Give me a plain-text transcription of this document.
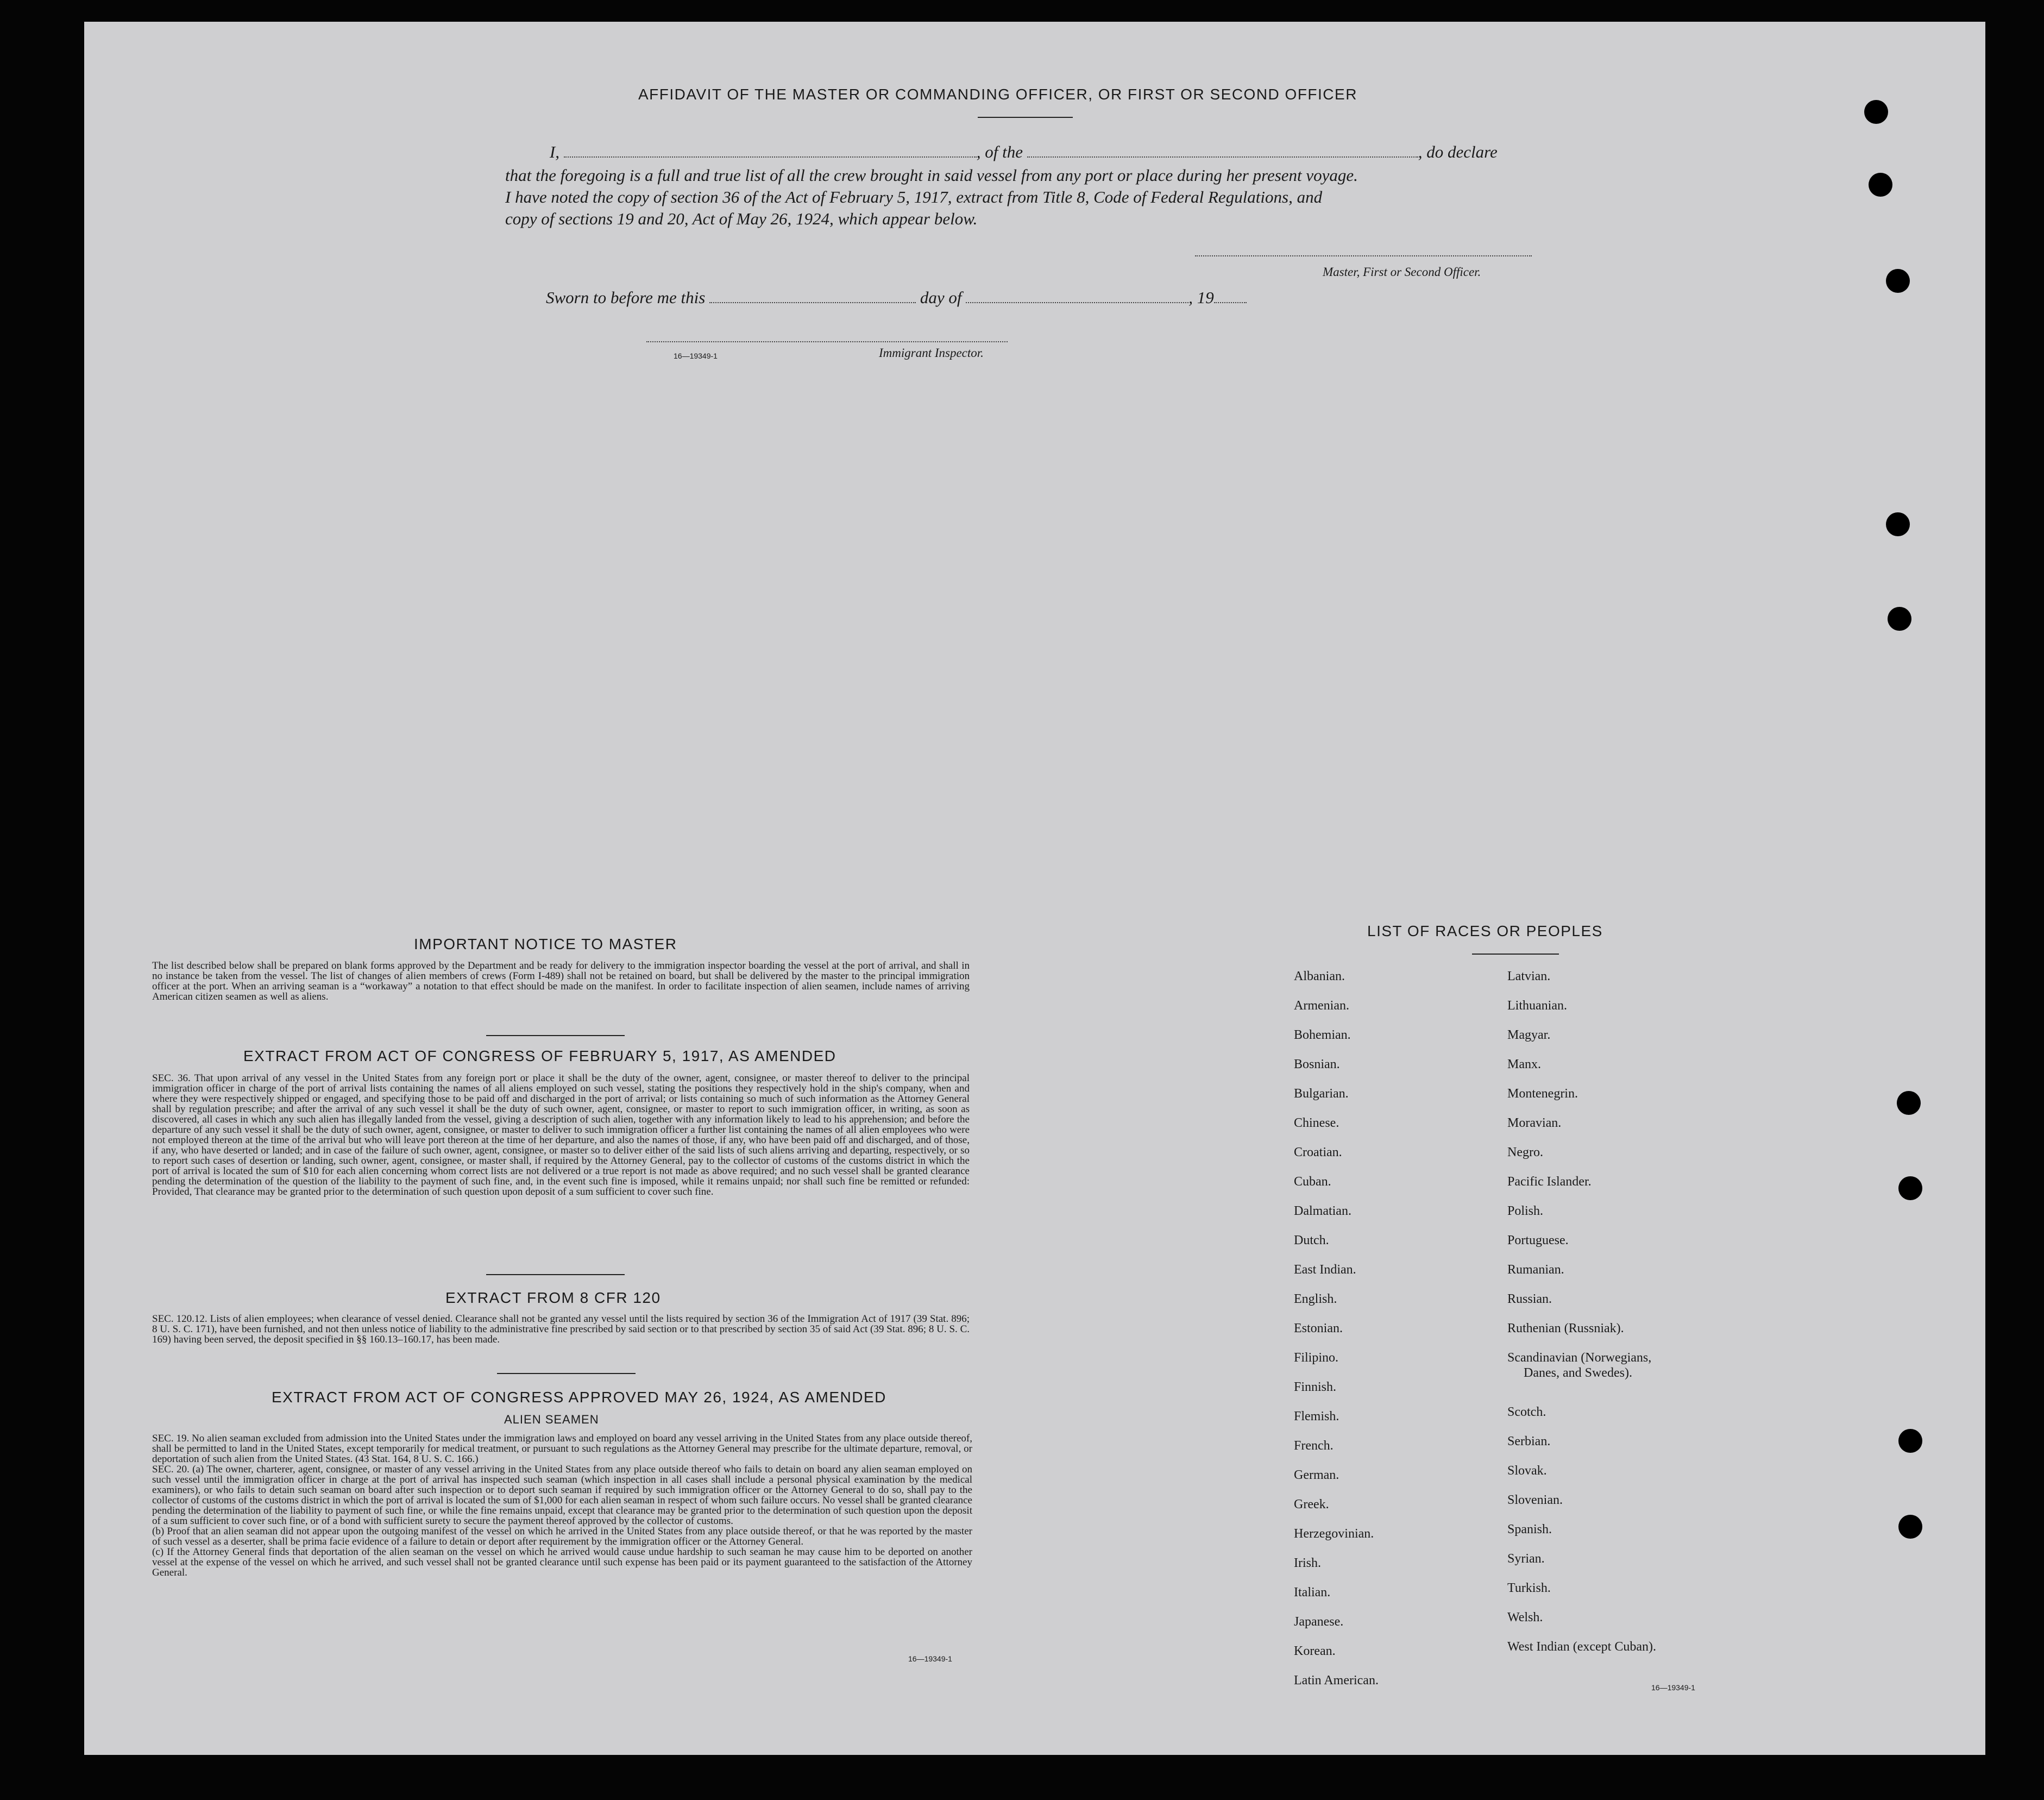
AFFIDAVIT OF THE MASTER OR COMMANDING OFFICER, OR FIRST OR SECOND OFFICER
I,	, of the	, do declare
that the foregoing is a full and true list of all the crew brought in said vessel from any port or place during her present voyage.
I have noted the copy of section 36 of the Act of February 5, 1917, extract from Title 8, Code of Federal Regulations, and
copy of sections 19 and 20, Act of May 26, 1924, which appear below.
Master, First or Second Officer.
Sworn to before me this	day of	, 19
16—19349-1	Immigrant Inspector.
IMPORTANT NOTICE TO MASTER
The list described below shall be prepared on blank forms approved by the Department and be ready for delivery to the immigration inspector boarding the vessel at the port of arrival, and shall in no instance be taken from the vessel. The list of changes of alien members of crews (Form I-489) shall not be retained on board, but shall be delivered by the master to the principal immigration officer at the port. When an arriving seaman is a “workaway” a notation to that effect should be made on the manifest. In order to facilitate inspection of alien seamen, include names of arriving American citizen seamen as well as aliens.
EXTRACT FROM ACT OF CONGRESS OF FEBRUARY 5, 1917, AS AMENDED
SEC. 36. That upon arrival of any vessel in the United States from any foreign port or place it shall be the duty of the owner, agent, consignee, or master thereof to deliver to the principal immigration officer in charge of the port of arrival lists containing the names of all aliens employed on such vessel, stating the positions they respectively hold in the ship's company, when and where they were respectively shipped or engaged, and specifying those to be paid off and discharged in the port of arrival; or lists containing so much of such information as the Attorney General shall by regulation prescribe; and after the arrival of any such vessel it shall be the duty of such owner, agent, consignee, or master to report to such immigration officer, in writing, as soon as discovered, all cases in which any such alien has illegally landed from the vessel, giving a description of such alien, together with any information likely to lead to his apprehension; and before the departure of any such vessel it shall be the duty of such owner, agent, consignee, or master to deliver to such immigration officer a further list containing the names of all alien employees who were not employed thereon at the time of the arrival but who will leave port thereon at the time of her departure, and also the names of those, if any, who have been paid off and discharged, and of those, if any, who have deserted or landed; and in case of the failure of such owner, agent, consignee, or master so to deliver either of the said lists of such aliens arriving and departing, respectively, or so to report such cases of desertion or landing, such owner, agent, consignee, or master shall, if required by the Attorney General, pay to the collector of customs of the customs district in which the port of arrival is located the sum of $10 for each alien concerning whom correct lists are not delivered or a true report is not made as above required; and no such vessel shall be granted clearance pending the determination of the question of the liability to the payment of such fine, and, in the event such fine is imposed, while it remains unpaid; nor shall such fine be remitted or refunded: Provided, That clearance may be granted prior to the determination of such question upon deposit of a sum sufficient to cover such fine.
EXTRACT FROM 8 CFR 120
SEC. 120.12. Lists of alien employees; when clearance of vessel denied. Clearance shall not be granted any vessel until the lists required by section 36 of the Immigration Act of 1917 (39 Stat. 896; 8 U. S. C. 171), have been furnished, and not then unless notice of liability to the administrative fine prescribed by said section or to that prescribed by section 35 of said Act (39 Stat. 896; 8 U. S. C. 169) having been served, the deposit specified in §§ 160.13–160.17, has been made.
EXTRACT FROM ACT OF CONGRESS APPROVED MAY 26, 1924, AS AMENDED
ALIEN SEAMEN

SEC. 19. No alien seaman excluded from admission into the United States under the immigration laws and employed on board any vessel arriving in the United States from any place outside thereof, shall be permitted to land in the United States, except temporarily for medical treatment, or pursuant to such regulations as the Attorney General may prescribe for the ultimate departure, removal, or deportation of such alien from the United States. (43 Stat. 164, 8 U. S. C. 166.)

SEC. 20. (a) The owner, charterer, agent, consignee, or master of any vessel arriving in the United States from any place outside thereof who fails to detain on board any alien seaman employed on such vessel until the immigration officer in charge at the port of arrival has inspected such seaman (which inspection in all cases shall include a personal physical examination by the medical examiners), or who fails to detain such seaman on board after such inspection or to deport such seaman if required by such immigration officer or the Attorney General to do so, shall pay to the collector of customs of the customs district in which the port of arrival is located the sum of $1,000 for each alien seaman in respect of whom such failure occurs. No vessel shall be granted clearance pending the determination of the liability to payment of such fine, or while the fine remains unpaid, except that clearance may be granted prior to the determination of such question upon the deposit of a sum sufficient to cover such fine, or of a bond with sufficient surety to secure the payment thereof approved by the collector of customs.

(b) Proof that an alien seaman did not appear upon the outgoing manifest of the vessel on which he arrived in the United States from any place outside thereof, or that he was reported by the master of such vessel as a deserter, shall be prima facie evidence of a failure to detain or deport after requirement by the immigration officer or the Attorney General.

(c) If the Attorney General finds that deportation of the alien seaman on the vessel on which he arrived would cause undue hardship to such seaman he may cause him to be deported on another vessel at the expense of the vessel on which he arrived, and such vessel shall not be granted clearance until such expense has been paid or its payment guaranteed to the satisfaction of the Attorney General.

16—19349-1
LIST OF RACES OR PEOPLES
Albanian.
Armenian.
Bohemian.
Bosnian.
Bulgarian.
Chinese.
Croatian.
Cuban.
Dalmatian.
Dutch.
East Indian.
English.
Estonian.
Filipino.
Finnish.
Flemish.
French.
German.
Greek.
Herzegovinian.
Irish.
Italian.
Japanese.
Korean.
Latin American.
Latvian.
Lithuanian.
Magyar.
Manx.
Montenegrin.
Moravian.
Negro.
Pacific Islander.
Polish.
Portuguese.
Rumanian.
Russian.
Ruthenian (Russniak).
Scandinavian (Norwegians,
Danes, and Swedes).
Scotch.
Serbian.
Slovak.
Slovenian.
Spanish.
Syrian.
Turkish.
Welsh.
West Indian (except Cuban).
16—19349-1
